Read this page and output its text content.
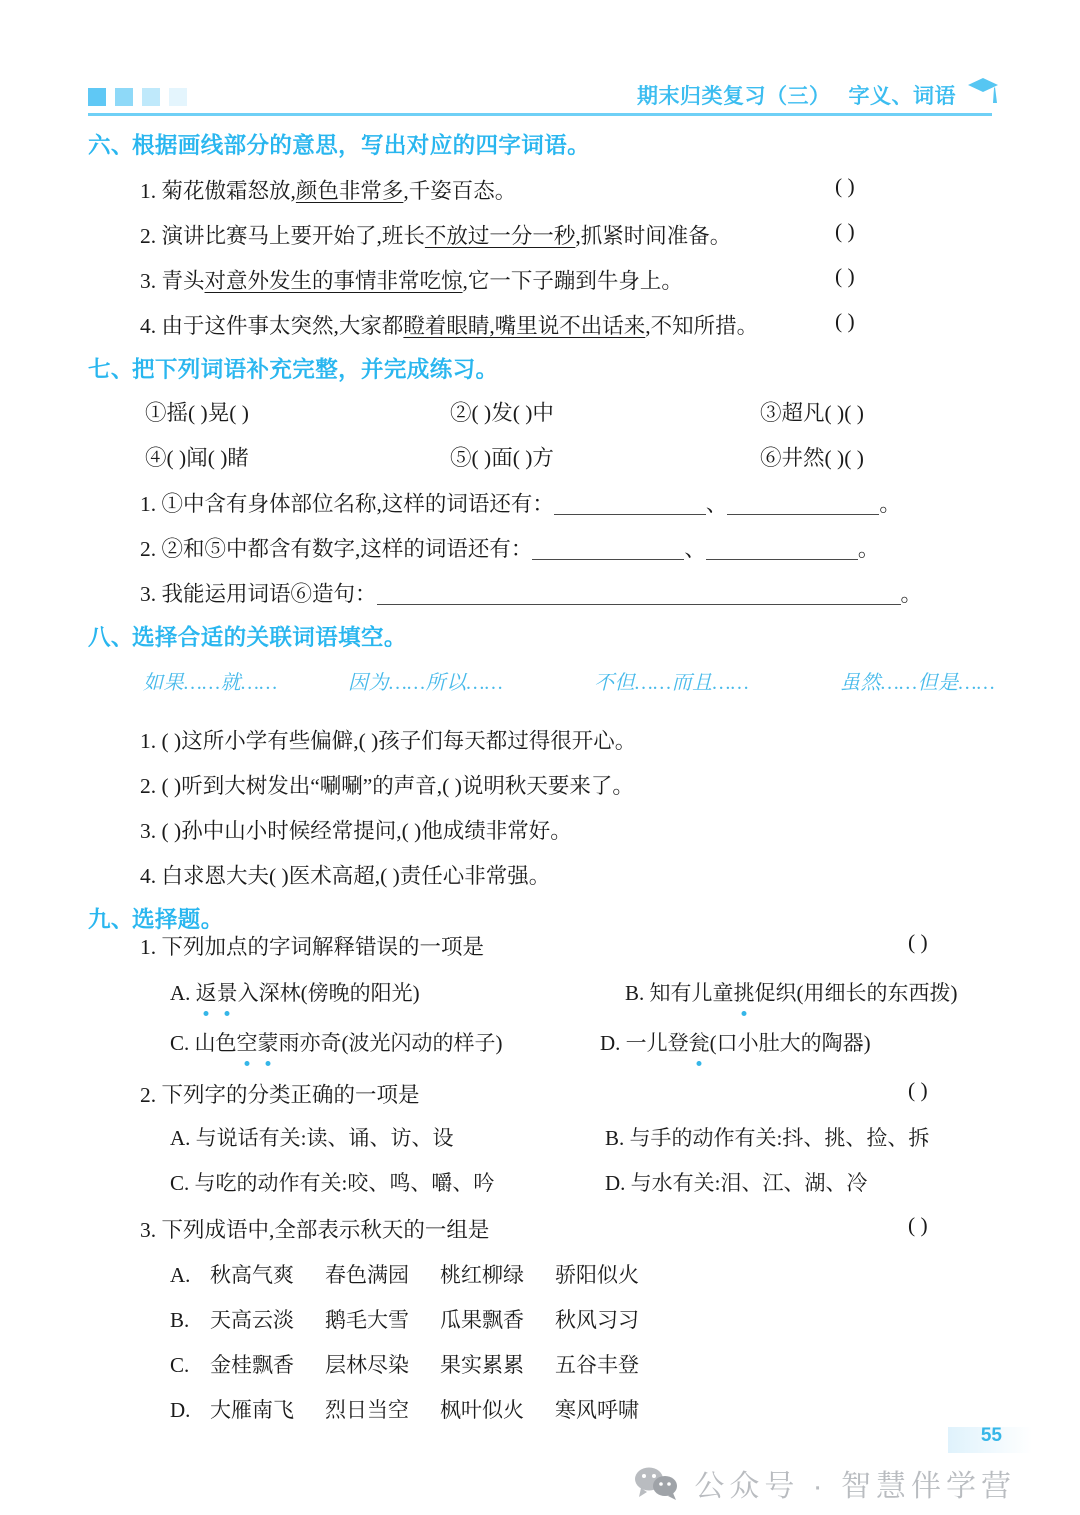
期末归类复习（三） 字义、词语
六、根据画线部分的意思，写出对应的四字词语。
1. 菊花傲霜怒放,颜色非常多,千姿百态。	( )
2. 演讲比赛马上要开始了,班长不放过一分一秒,抓紧时间准备。	( )
3. 青头对意外发生的事情非常吃惊,它一下子蹦到牛身上。	( )
4. 由于这件事太突然,大家都瞪着眼睛,嘴里说不出话来,不知所措。	( )
七、把下列词语补充完整，并完成练习。
①摇( )晃( )	②( )发( )中	③超凡( )( )
④( )闻( )睹	⑤( )面( )方	⑥井然( )( )
1. ①中含有身体部位名称,这样的词语还有：	、	。
2. ②和⑤中都含有数字,这样的词语还有：	、	。
3. 我能运用词语⑥造句：	。
八、选择合适的关联词语填空。
如果……就……	因为……所以……	不但……而且……	虽然……但是……
1. ( )这所小学有些偏僻,( )孩子们每天都过得很开心。
2. ( )听到大树发出“唰唰”的声音,( )说明秋天要来了。
3. ( )孙中山小时候经常提问,( )他成绩非常好。
4. 白求恩大夫( )医术高超,( )责任心非常强。
九、选择题。
1. 下列加点的字词解释错误的一项是	( )
A. 返景入深林(傍晚的阳光)	B. 知有儿童挑促织(用细长的东西拨)
C. 山色空蒙雨亦奇(波光闪动的样子)	D. 一儿登瓮(口小肚大的陶器)
2. 下列字的分类正确的一项是	( )
A. 与说话有关:读、诵、访、设	B. 与手的动作有关:抖、挑、捡、拆
C. 与吃的动作有关:咬、鸣、嚼、吟	D. 与水有关:泪、江、湖、冷
3. 下列成语中,全部表示秋天的一组是	( )
A. 秋高气爽 春色满园 桃红柳绿 骄阳似火
B. 天高云淡 鹅毛大雪 瓜果飘香 秋风习习
C. 金桂飘香 层林尽染 果实累累 五谷丰登
D. 大雁南飞 烈日当空 枫叶似火 寒风呼啸
55
公众号 · 智慧伴学营
